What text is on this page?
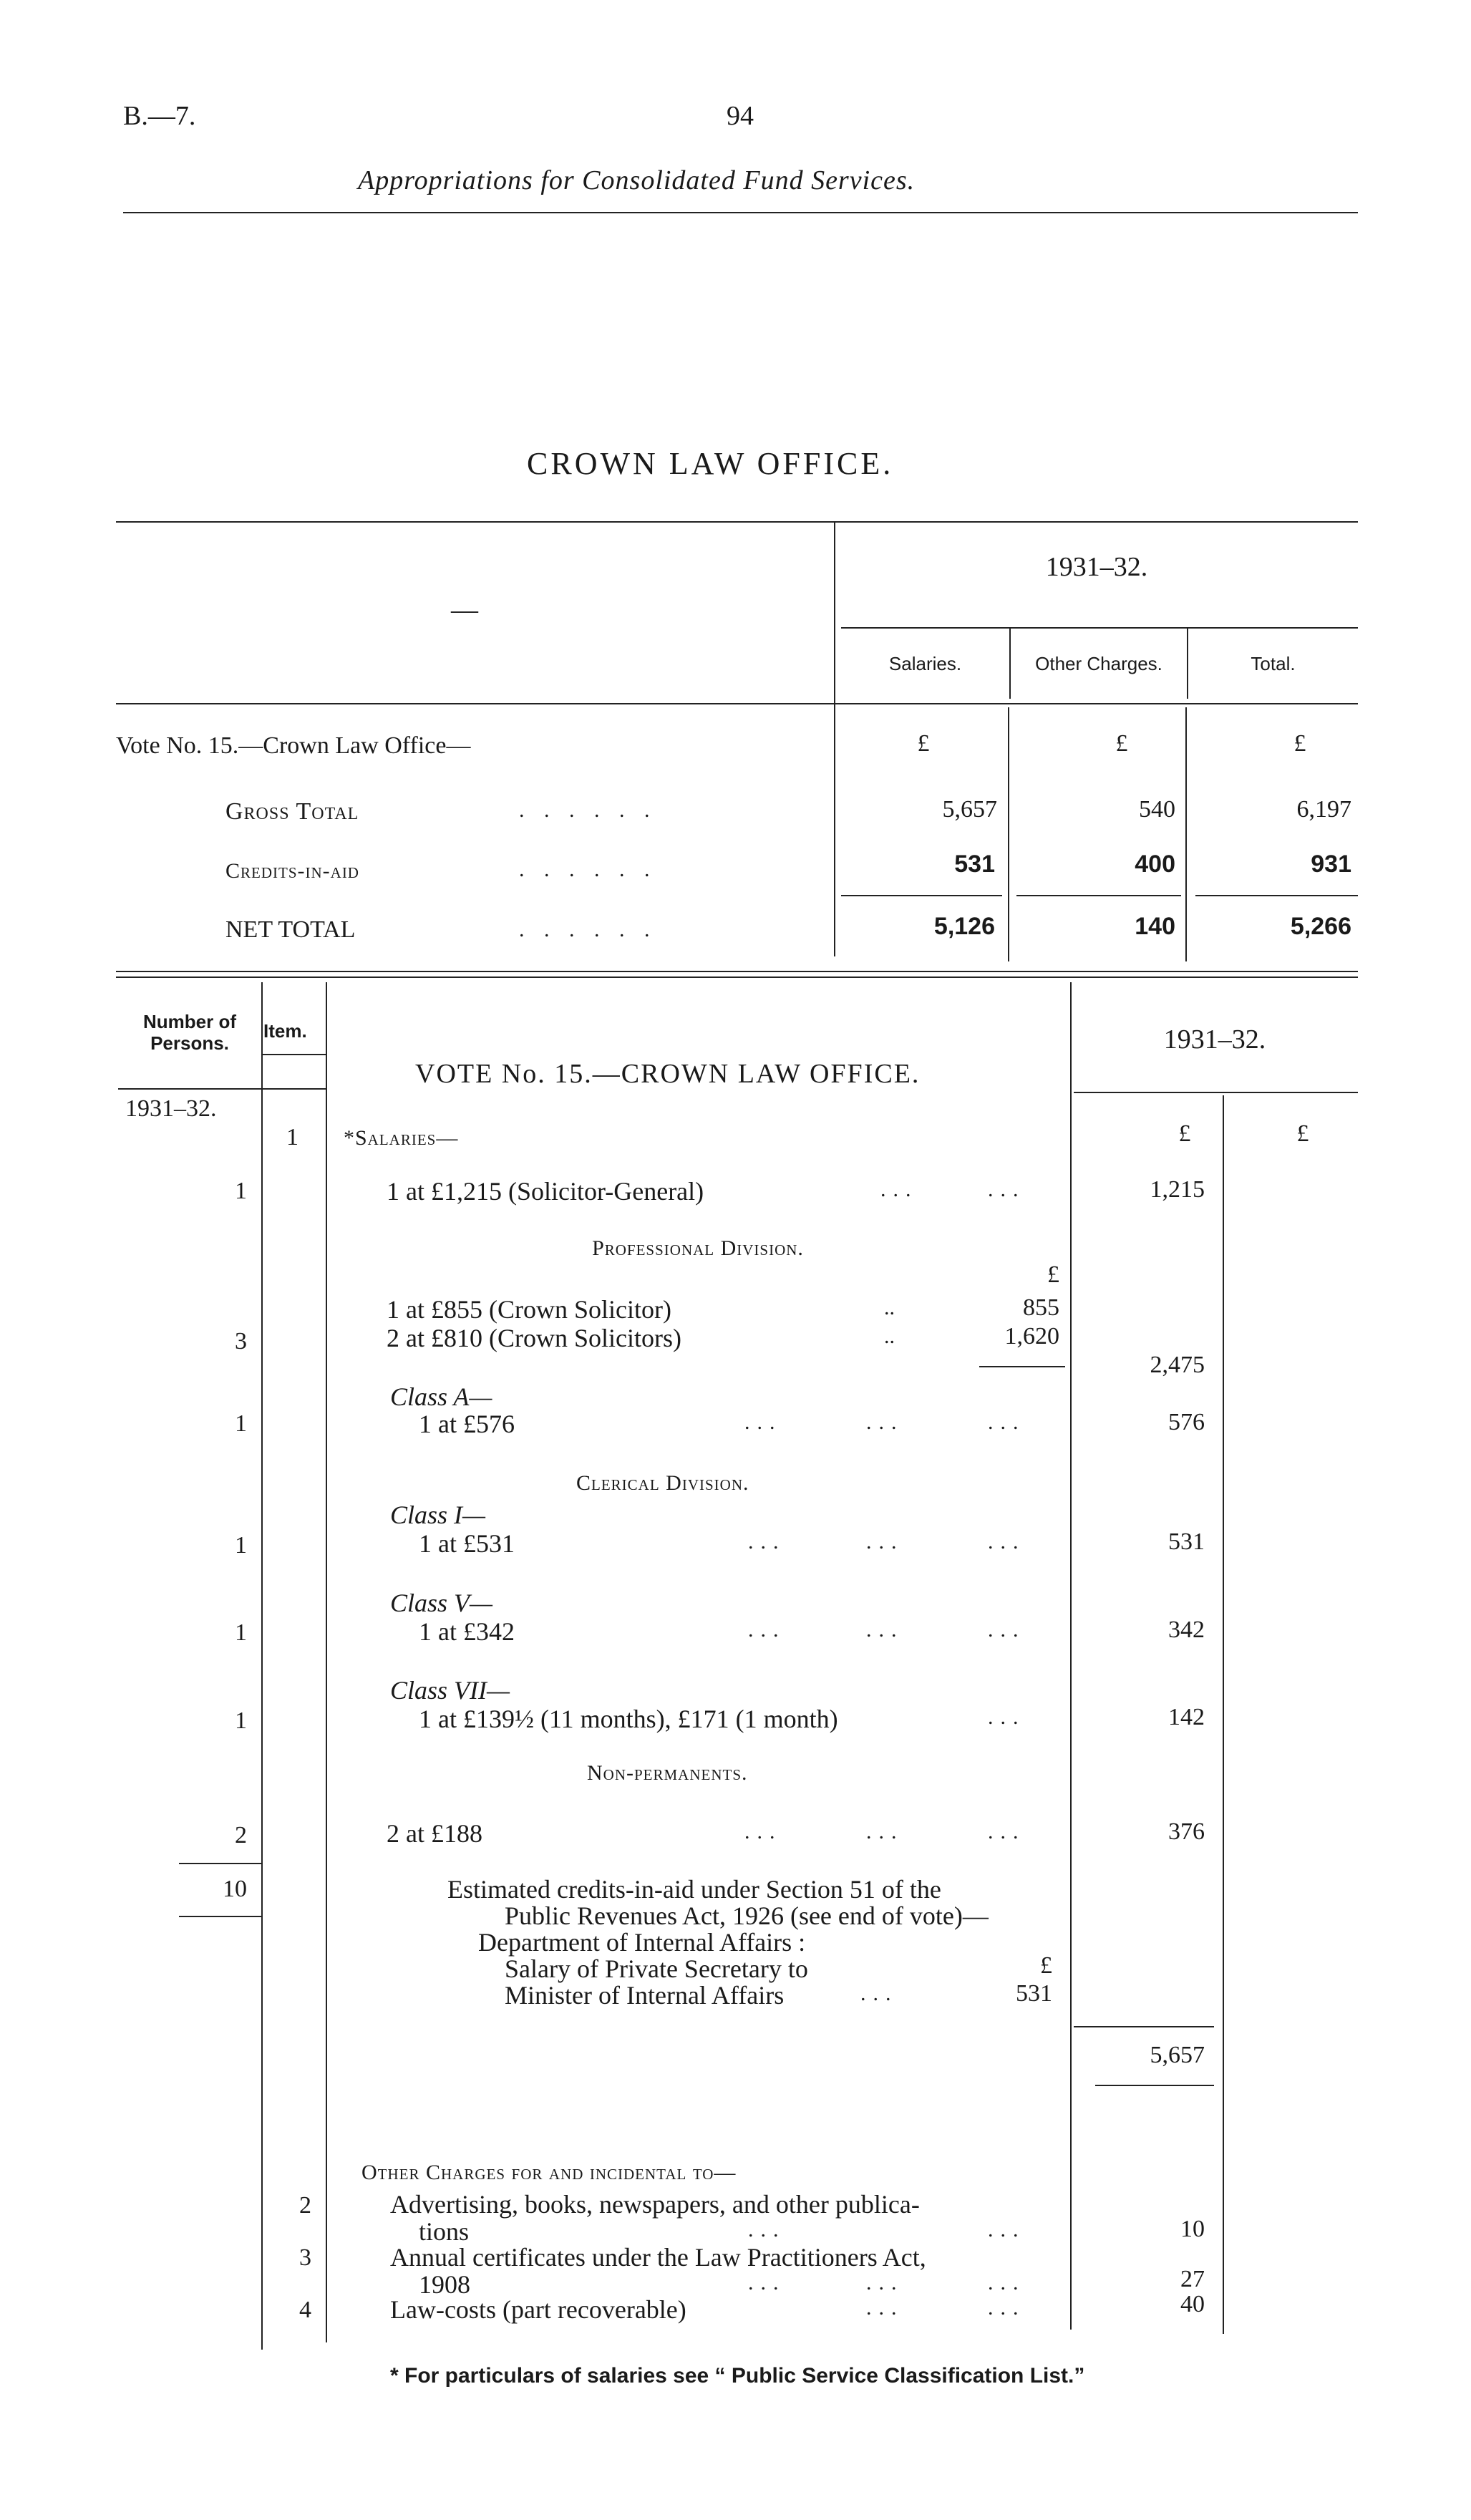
B.—7.	94
Appropriations for Consolidated Fund Services.
CROWN LAW OFFICE.
—
1931–32.
Salaries.	Other Charges.	Total.
Vote No. 15.—Crown Law Office—	£	£	£
Gross Total	. . . . . .	5,657	540	6,197
Credits-in-aid	. . . . . .	531	400	931
NET TOTAL	. . . . . .	5,126	140	5,266
Number of Persons.
Item.
VOTE No. 15.—CROWN LAW OFFICE.
1931–32.
1931–32.
£	£
1 *Salaries—
1	1 at £1,215 (Solicitor-General)	...	...	1,215
Professional Division.
£
1 at £855 (Crown Solicitor)	..	855
3	2 at £810 (Crown Solicitors)	..	1,620
2,475
Class A—
1	1 at £576	...	...	...	576
Clerical Division.
Class I—
1	1 at £531	...	...	...	531
Class V—
1	1 at £342	...	...	...	342
Class VII—
1	1 at £139½ (11 months), £171 (1 month)	...	142
Non-permanents.
2	2 at £188	...	...	...	376
10	Estimated credits-in-aid under Section 51 of the
Public Revenues Act, 1926 (see end of vote)—
Department of Internal Affairs :
£
Salary of Private Secretary to
Minister of Internal Affairs	...	531
5,657
Other Charges for and incidental to—
2	Advertising, books, newspapers, and other publica-
tions	...	...	10
3	Annual certificates under the Law Practitioners Act,
1908	...	...	...	27
4	Law-costs (part recoverable)	...	...	40
* For particulars of salaries see “ Public Service Classification List.”
